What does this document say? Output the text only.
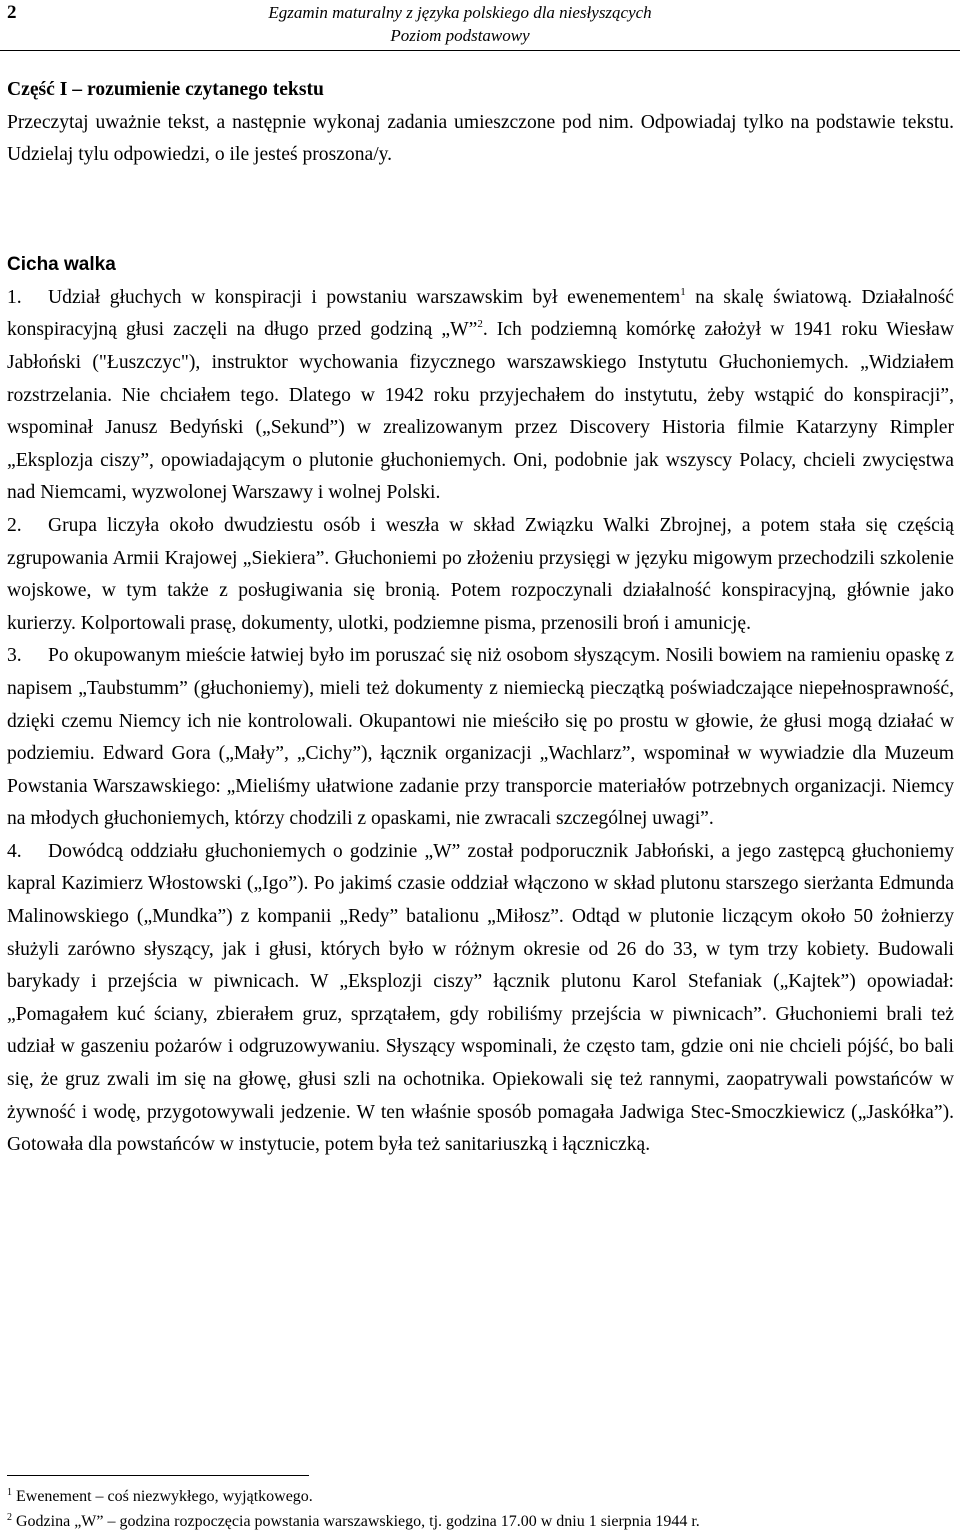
2	Egzamin maturalny z języka polskiego dla niesłyszących
Poziom podstawowy

Część I – rozumienie czytanego tekstu

Przeczytaj uważnie tekst, a następnie wykonaj zadania umieszczone pod nim. Odpowiadaj tylko na podstawie tekstu. Udzielaj tylu odpowiedzi, o ile jesteś proszona/y.

Cicha walka

1. Udział głuchych w konspiracji i powstaniu warszawskim był ewenementem$^1$ na skalę światową. Działalność konspiracyjną głusi zaczęli na długo przed godziną „W”$^2$. Ich podziemną komórkę założył w 1941 roku Wiesław Jabłoński ("Łuszczyc"), instruktor wychowania fizycznego warszawskiego Instytutu Głuchoniemych. „Widziałem rozstrzelania. Nie chciałem tego. Dlatego w 1942 roku przyjechałem do instytutu, żeby wstąpić do konspiracji”, wspominał Janusz Bedyński („Sekund”) w zrealizowanym przez Discovery Historia filmie Katarzyny Rimpler „Eksplozja ciszy”, opowiadającym o plutonie głuchoniemych. Oni, podobnie jak wszyscy Polacy, chcieli zwycięstwa nad Niemcami, wyzwolonej Warszawy i wolnej Polski.

2. Grupa liczyła około dwudziestu osób i weszła w skład Związku Walki Zbrojnej, a potem stała się częścią zgrupowania Armii Krajowej „Siekiera”. Głuchoniemi po złożeniu przysięgi w języku migowym przechodzili szkolenie wojskowe, w tym także z posługiwania się bronią. Potem rozpoczynali działalność konspiracyjną, głównie jako kurierzy. Kolportowali prasę, dokumenty, ulotki, podziemne pisma, przenosili broń i amunicję.

3. Po okupowanym mieście łatwiej było im poruszać się niż osobom słyszącym. Nosili bowiem na ramieniu opaskę z napisem „Taubstumm” (głuchoniemy), mieli też dokumenty z niemiecką pieczątką poświadczające niepełnosprawność, dzięki czemu Niemcy ich nie kontrolowali. Okupantowi nie mieściło się po prostu w głowie, że głusi mogą działać w podziemiu. Edward Gora („Mały”, „Cichy”), łącznik organizacji „Wachlarz”, wspominał w wywiadzie dla Muzeum Powstania Warszawskiego: „Mieliśmy ułatwione zadanie przy transporcie materiałów potrzebnych organizacji. Niemcy na młodych głuchoniemych, którzy chodzili z opaskami, nie zwracali szczególnej uwagi”.

4. Dowódcą oddziału głuchoniemych o godzinie „W” został podporucznik Jabłoński, a jego zastępcą głuchoniemy kapral Kazimierz Włostowski („Igo”). Po jakimś czasie oddział włączono w skład plutonu starszego sierżanta Edmunda Malinowskiego („Mundka”) z kompanii „Redy” batalionu „Miłosz”. Odtąd w plutonie liczącym około 50 żołnierzy służyli zarówno słyszący, jak i głusi, których było w różnym okresie od 26 do 33, w tym trzy kobiety. Budowali barykady i przejścia w piwnicach. W „Eksplozji ciszy” łącznik plutonu Karol Stefaniak („Kajtek”) opowiadał: „Pomagałem kuć ściany, zbierałem gruz, sprzątałem, gdy robiliśmy przejścia w piwnicach”. Głuchoniemi brali też udział w gaszeniu pożarów i odgruzowywaniu. Słyszący wspominali, że często tam, gdzie oni nie chcieli pójść, bo bali się, że gruz zwali im się na głowę, głusi szli na ochotnika. Opiekowali się też rannymi, zaopatrywali powstańców w żywność i wodę, przygotowywali jedzenie. W ten właśnie sposób pomagała Jadwiga Stec-Smoczkiewicz („Jaskółka”). Gotowała dla powstańców w instytucie, potem była też sanitariuszką i łączniczką.

$^1$ Ewenement – coś niezwykłego, wyjątkowego.

$^2$ Godzina „W” – godzina rozpoczęcia powstania warszawskiego, tj. godzina 17.00 w dniu 1 sierpnia 1944 r.
